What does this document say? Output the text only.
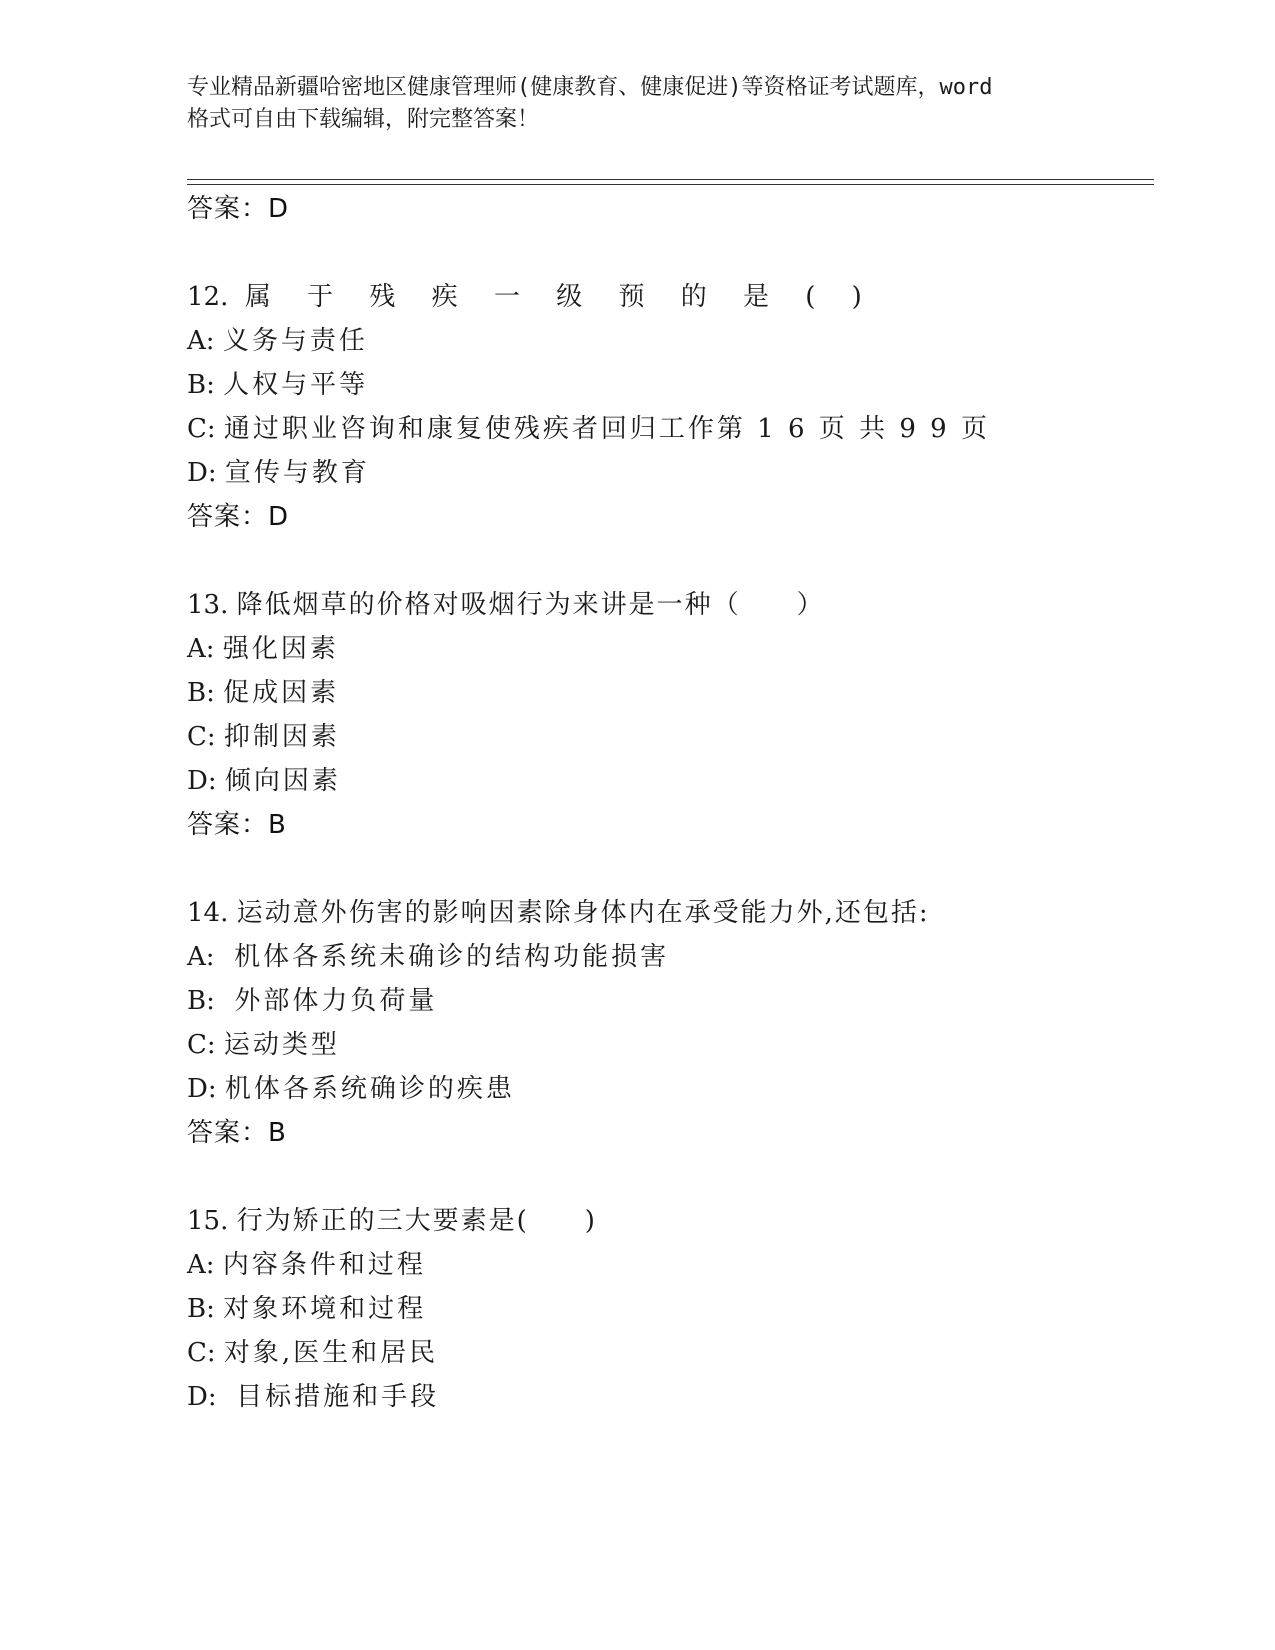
专业精品新疆哈密地区健康管理师(健康教育、健康促进)等资格证考试题库，word
格式可自由下载编辑，附完整答案！
答案：D
12. 属 于 残 疾 一 级 预 的 是 ( )
A: 义务与责任
B: 人权与平等
C: 通过职业咨询和康复使残疾者回归工作第 1 6 页 共 9 9 页
D: 宣传与教育
答案：D
13. 降低烟草的价格对吸烟行为来讲是一种（　　）
A: 强化因素
B: 促成因素
C: 抑制因素
D: 倾向因素
答案：B
14. 运动意外伤害的影响因素除身体内在承受能力外,还包括:
A:  机体各系统未确诊的结构功能损害
B:  外部体力负荷量
C: 运动类型
D: 机体各系统确诊的疾患
答案：B
15. 行为矫正的三大要素是(　　)
A: 内容条件和过程
B: 对象环境和过程
C: 对象,医生和居民
D:  目标措施和手段
